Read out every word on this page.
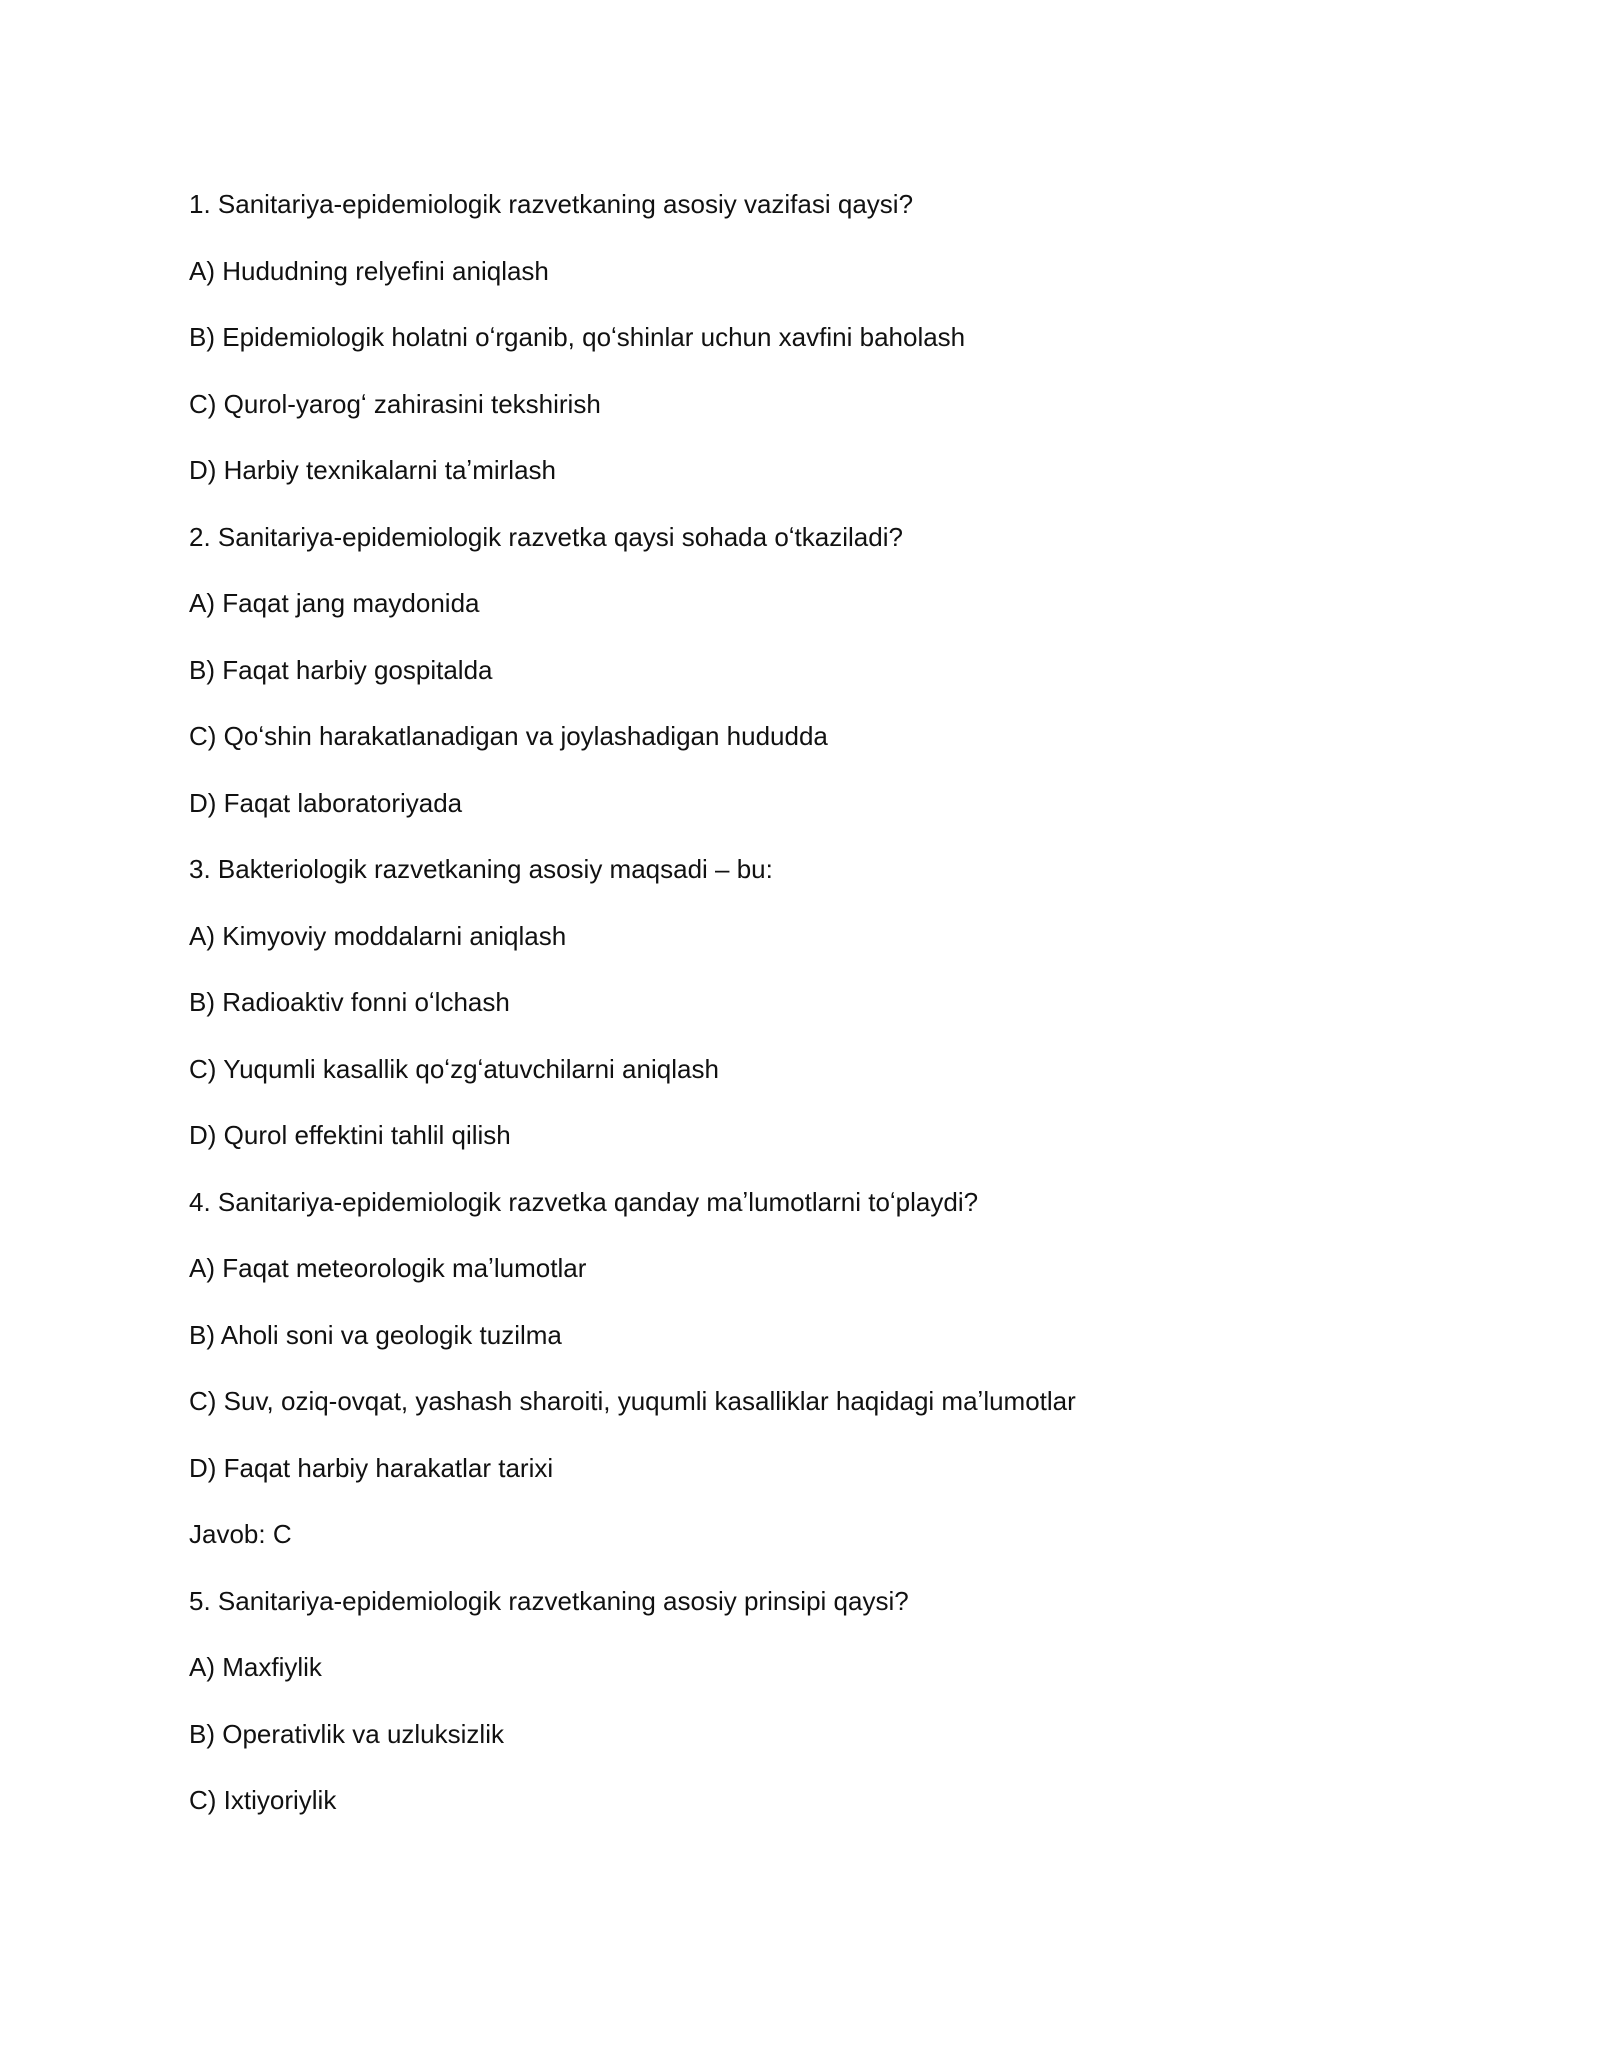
1. Sanitariya-epidemiologik razvetkaning asosiy vazifasi qaysi?
A) Hududning relyefini aniqlash
B) Epidemiologik holatni oʻrganib, qoʻshinlar uchun xavfini baholash
C) Qurol-yarogʻ zahirasini tekshirish
D) Harbiy texnikalarni taʼmirlash
2. Sanitariya-epidemiologik razvetka qaysi sohada oʻtkaziladi?
A) Faqat jang maydonida
B) Faqat harbiy gospitalda
C) Qoʻshin harakatlanadigan va joylashadigan hududda
D) Faqat laboratoriyada
3. Bakteriologik razvetkaning asosiy maqsadi – bu:
A) Kimyoviy moddalarni aniqlash
B) Radioaktiv fonni oʻlchash
C) Yuqumli kasallik qoʻzgʻatuvchilarni aniqlash
D) Qurol effektini tahlil qilish
4. Sanitariya-epidemiologik razvetka qanday maʼlumotlarni toʻplaydi?
A) Faqat meteorologik maʼlumotlar
B) Aholi soni va geologik tuzilma
C) Suv, oziq-ovqat, yashash sharoiti, yuqumli kasalliklar haqidagi maʼlumotlar
D) Faqat harbiy harakatlar tarixi
Javob: C
5. Sanitariya-epidemiologik razvetkaning asosiy prinsipi qaysi?
A) Maxfiylik
B) Operativlik va uzluksizlik
C) Ixtiyoriylik
